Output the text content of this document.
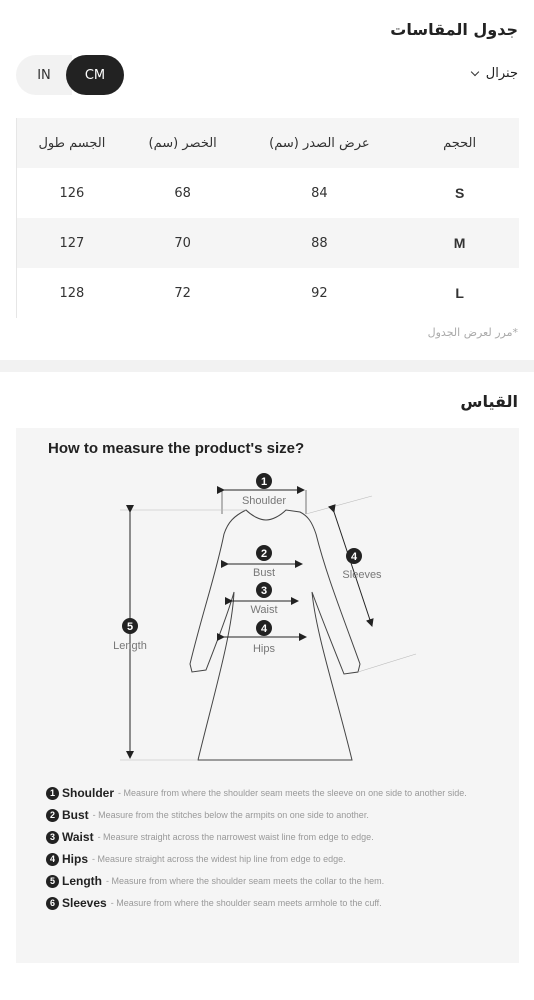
جدول المقاسات
IN	CM	جنرال
الحجم
عرض الصدر (سم)
الخصر (سم)
الجسم طول
S
84
68
126
M
88
70
127
L
92
72
128
*مرر لعرض الجدول
القياس
How to measure the product's size?
1
Shoulder
2
Bust
3
Waist
4
Hips
5
Length
4
Sleeves
1 Shoulder - Measure from where the shoulder seam meets the sleeve on one side to another side.
2 Bust - Measure from the stitches below the armpits on one side to another.
3 Waist - Measure straight across the narrowest waist line from edge to edge.
4 Hips - Measure straight across the widest hip line from edge to edge.
5 Length - Measure from where the shoulder seam meets the collar to the hem.
6 Sleeves - Measure from where the shoulder seam meets armhole to the cuff.
